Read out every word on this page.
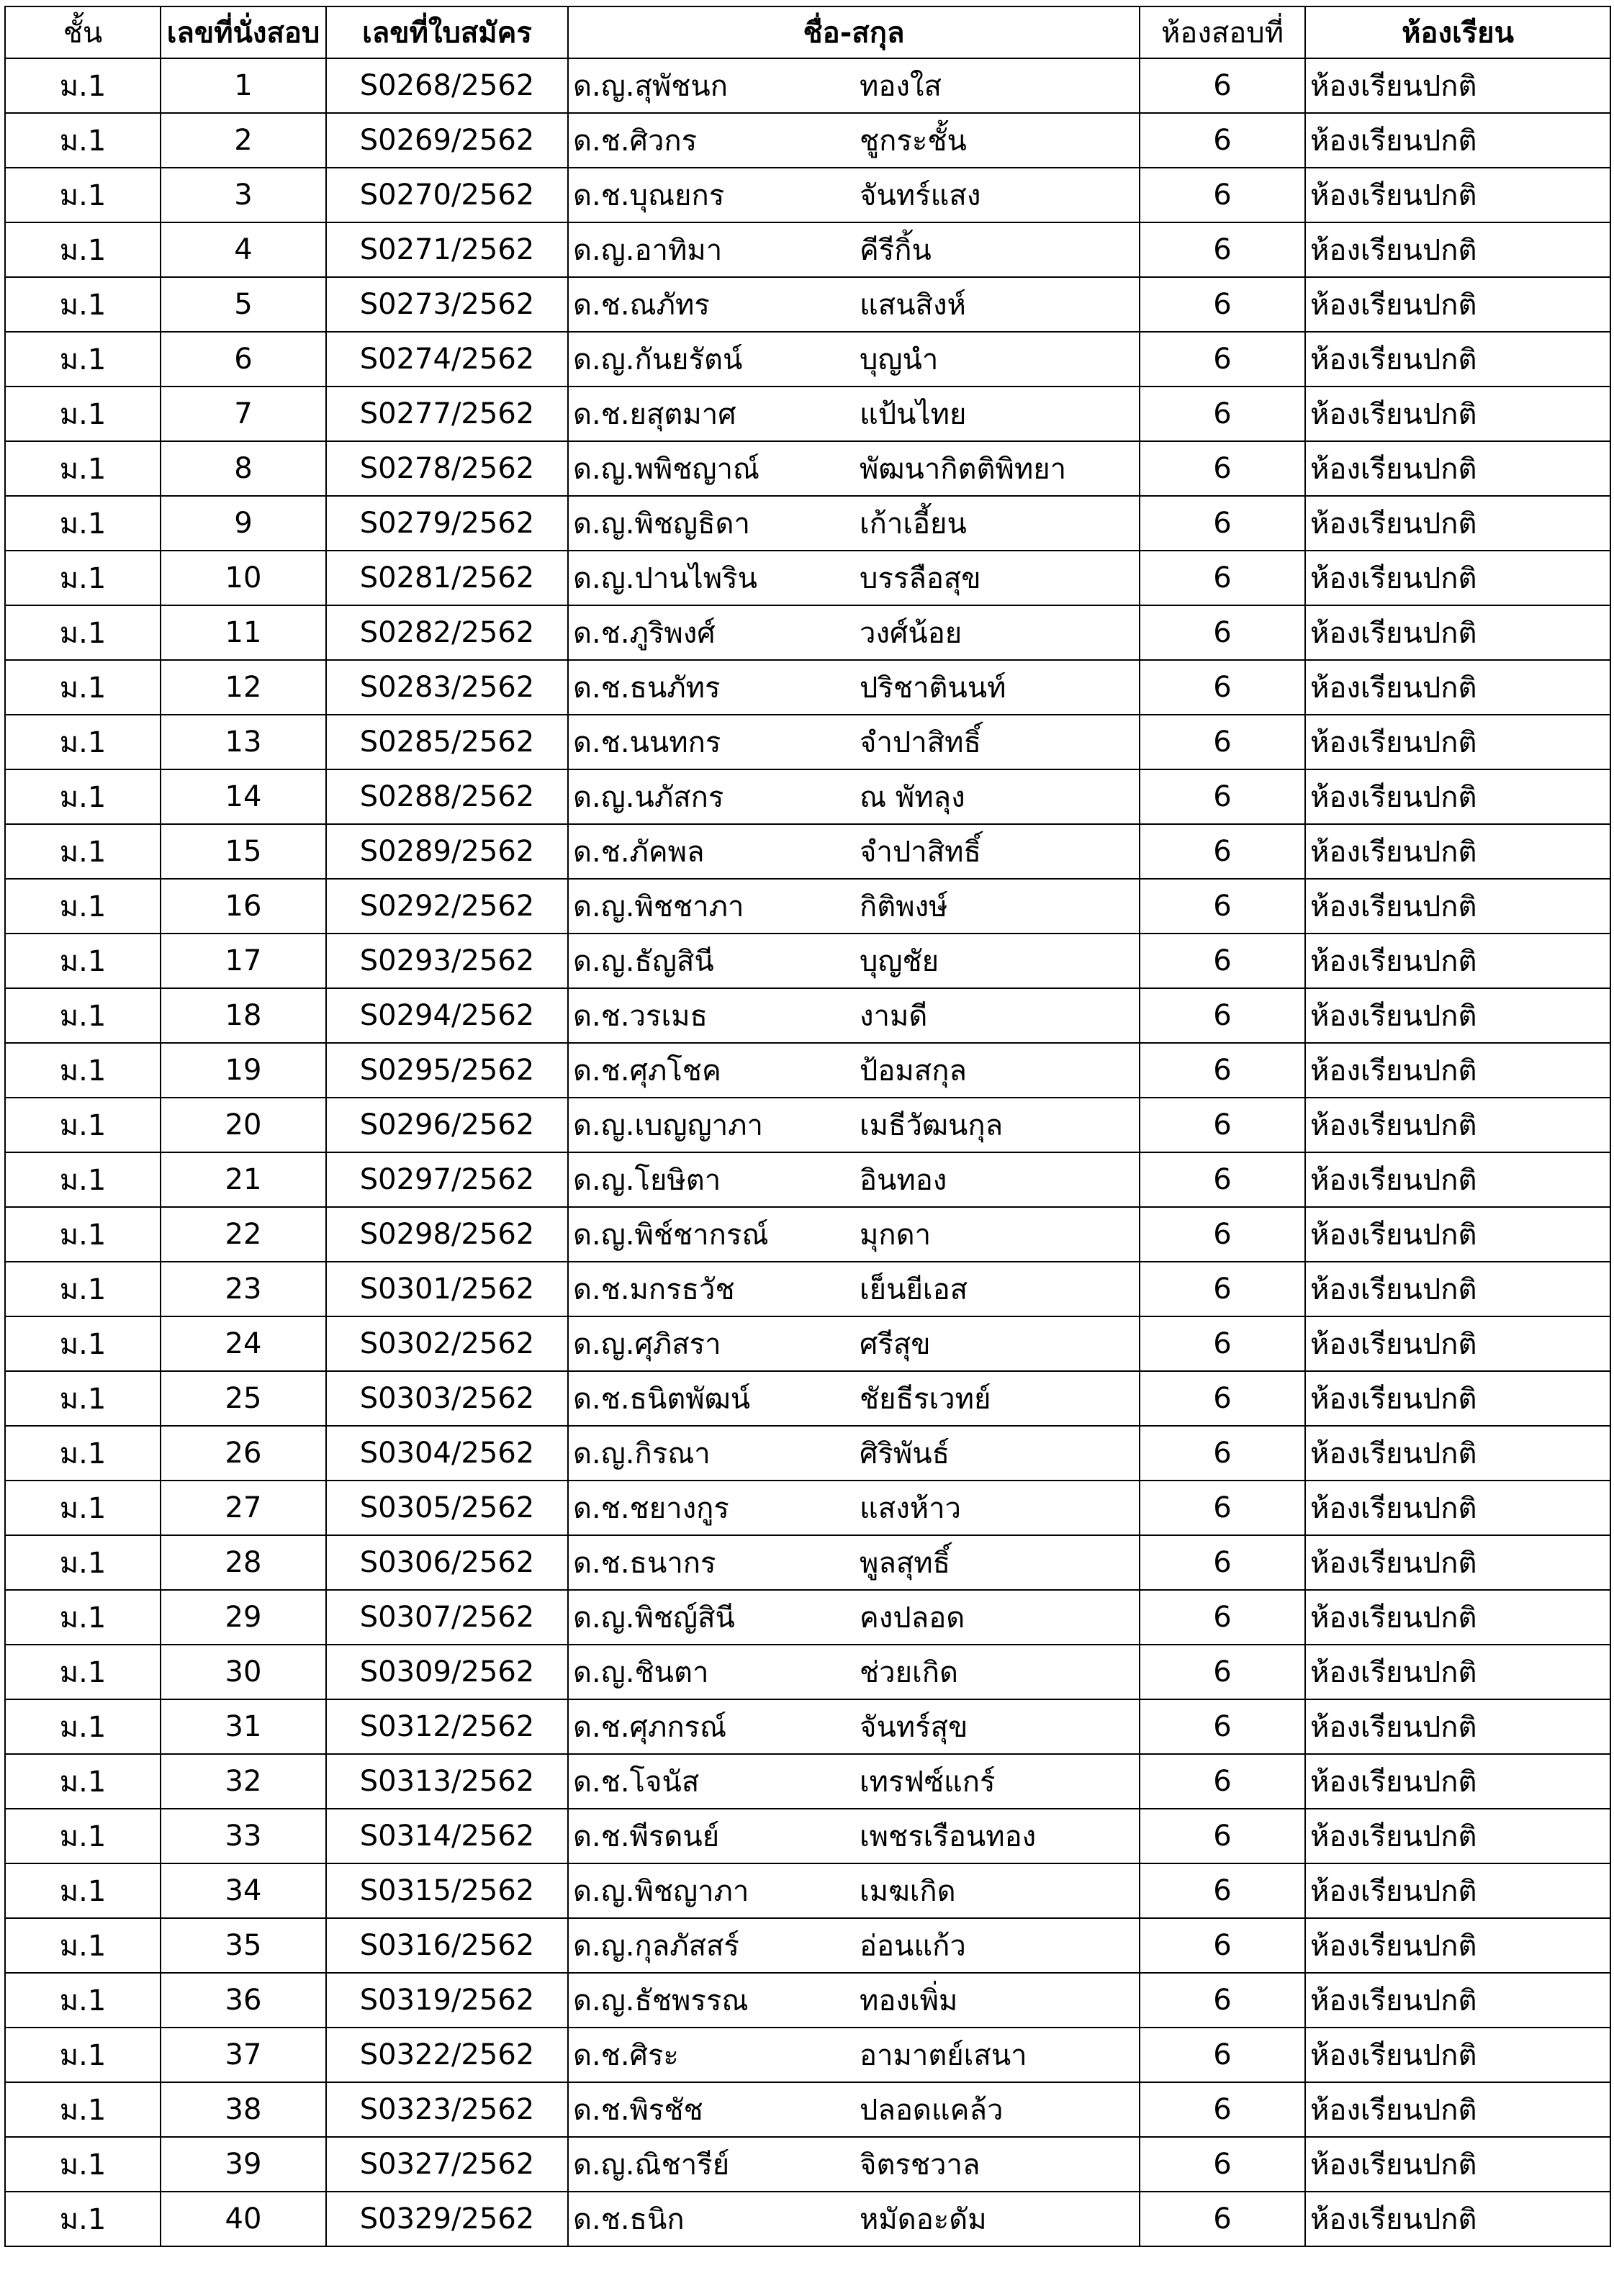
ชั้น	เลขที่นั่งสอบ	เลขที่ใบสมัคร	ชื่อ-สกุล	ห้องสอบที่	ห้องเรียน
ม.1	1	S0268/2562	ด.ญ.สุพัชนก ทองใส	6	ห้องเรียนปกติ
ม.1	2	S0269/2562	ด.ช.ศิวกร ชูกระชั้น	6	ห้องเรียนปกติ
ม.1	3	S0270/2562	ด.ช.บุณยกร จันทร์แสง	6	ห้องเรียนปกติ
ม.1	4	S0271/2562	ด.ญ.อาทิมา คีรีกิ้น	6	ห้องเรียนปกติ
ม.1	5	S0273/2562	ด.ช.ณภัทร แสนสิงห์	6	ห้องเรียนปกติ
ม.1	6	S0274/2562	ด.ญ.กันยรัตน์ บุญนำ	6	ห้องเรียนปกติ
ม.1	7	S0277/2562	ด.ช.ยสุตมาศ แป้นไทย	6	ห้องเรียนปกติ
ม.1	8	S0278/2562	ด.ญ.พพิชญาณ์ พัฒนากิตติพิทยา	6	ห้องเรียนปกติ
ม.1	9	S0279/2562	ด.ญ.พิชญธิดา เก้าเอี้ยน	6	ห้องเรียนปกติ
ม.1	10	S0281/2562	ด.ญ.ปานไพริน บรรลือสุข	6	ห้องเรียนปกติ
ม.1	11	S0282/2562	ด.ช.ภูริพงศ์ วงศ์น้อย	6	ห้องเรียนปกติ
ม.1	12	S0283/2562	ด.ช.ธนภัทร ปริชาตินนท์	6	ห้องเรียนปกติ
ม.1	13	S0285/2562	ด.ช.นนทกร จำปาสิทธิ์	6	ห้องเรียนปกติ
ม.1	14	S0288/2562	ด.ญ.นภัสกร ณ พัทลุง	6	ห้องเรียนปกติ
ม.1	15	S0289/2562	ด.ช.ภัคพล จำปาสิทธิ์	6	ห้องเรียนปกติ
ม.1	16	S0292/2562	ด.ญ.พิชชาภา กิติพงษ์	6	ห้องเรียนปกติ
ม.1	17	S0293/2562	ด.ญ.ธัญสินี บุญชัย	6	ห้องเรียนปกติ
ม.1	18	S0294/2562	ด.ช.วรเมธ งามดี	6	ห้องเรียนปกติ
ม.1	19	S0295/2562	ด.ช.ศุภโชค ป้อมสกุล	6	ห้องเรียนปกติ
ม.1	20	S0296/2562	ด.ญ.เบญญาภา เมธีวัฒนกุล	6	ห้องเรียนปกติ
ม.1	21	S0297/2562	ด.ญ.โยษิตา อินทอง	6	ห้องเรียนปกติ
ม.1	22	S0298/2562	ด.ญ.พิช์ชากรณ์ มุกดา	6	ห้องเรียนปกติ
ม.1	23	S0301/2562	ด.ช.มกรธวัช เย็นยีเอส	6	ห้องเรียนปกติ
ม.1	24	S0302/2562	ด.ญ.ศุภิสรา ศรีสุข	6	ห้องเรียนปกติ
ม.1	25	S0303/2562	ด.ช.ธนิตพัฒน์ ชัยธีรเวทย์	6	ห้องเรียนปกติ
ม.1	26	S0304/2562	ด.ญ.กิรณา ศิริพันธ์	6	ห้องเรียนปกติ
ม.1	27	S0305/2562	ด.ช.ชยางกูร แสงห้าว	6	ห้องเรียนปกติ
ม.1	28	S0306/2562	ด.ช.ธนากร พูลสุทธิ์	6	ห้องเรียนปกติ
ม.1	29	S0307/2562	ด.ญ.พิชญ์สินี คงปลอด	6	ห้องเรียนปกติ
ม.1	30	S0309/2562	ด.ญ.ชินตา ช่วยเกิด	6	ห้องเรียนปกติ
ม.1	31	S0312/2562	ด.ช.ศุภกรณ์ จันทร์สุข	6	ห้องเรียนปกติ
ม.1	32	S0313/2562	ด.ช.โจนัส เทรฟซ์แกร์	6	ห้องเรียนปกติ
ม.1	33	S0314/2562	ด.ช.พีรดนย์ เพชรเรือนทอง	6	ห้องเรียนปกติ
ม.1	34	S0315/2562	ด.ญ.พิชญาภา เมฆเกิด	6	ห้องเรียนปกติ
ม.1	35	S0316/2562	ด.ญ.กุลภัสสร์ อ่อนแก้ว	6	ห้องเรียนปกติ
ม.1	36	S0319/2562	ด.ญ.ธัชพรรณ ทองเพิ่ม	6	ห้องเรียนปกติ
ม.1	37	S0322/2562	ด.ช.ศิระ อามาตย์เสนา	6	ห้องเรียนปกติ
ม.1	38	S0323/2562	ด.ช.พิรชัช ปลอดแคล้ว	6	ห้องเรียนปกติ
ม.1	39	S0327/2562	ด.ญ.ณิชารีย์ จิตรชวาล	6	ห้องเรียนปกติ
ม.1	40	S0329/2562	ด.ช.ธนิก หมัดอะดัม	6	ห้องเรียนปกติ
